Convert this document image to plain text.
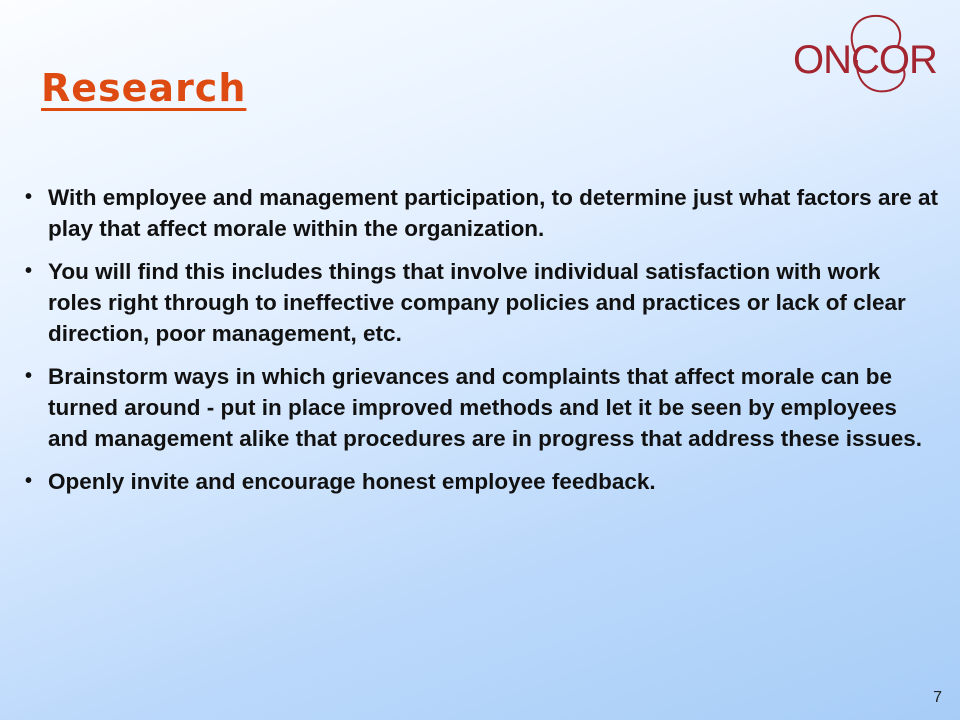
ONCOR
Research
• With employee and management participation, to determine just what factors are at play that affect morale within the organization.
• You will find this includes things that involve individual satisfaction with work roles right through to ineffective company policies and practices or lack of clear direction, poor management, etc.
• Brainstorm ways in which grievances and complaints that affect morale can be turned around - put in place improved methods and let it be seen by employees and management alike that procedures are in progress that address these issues.
• Openly invite and encourage honest employee feedback.
7
